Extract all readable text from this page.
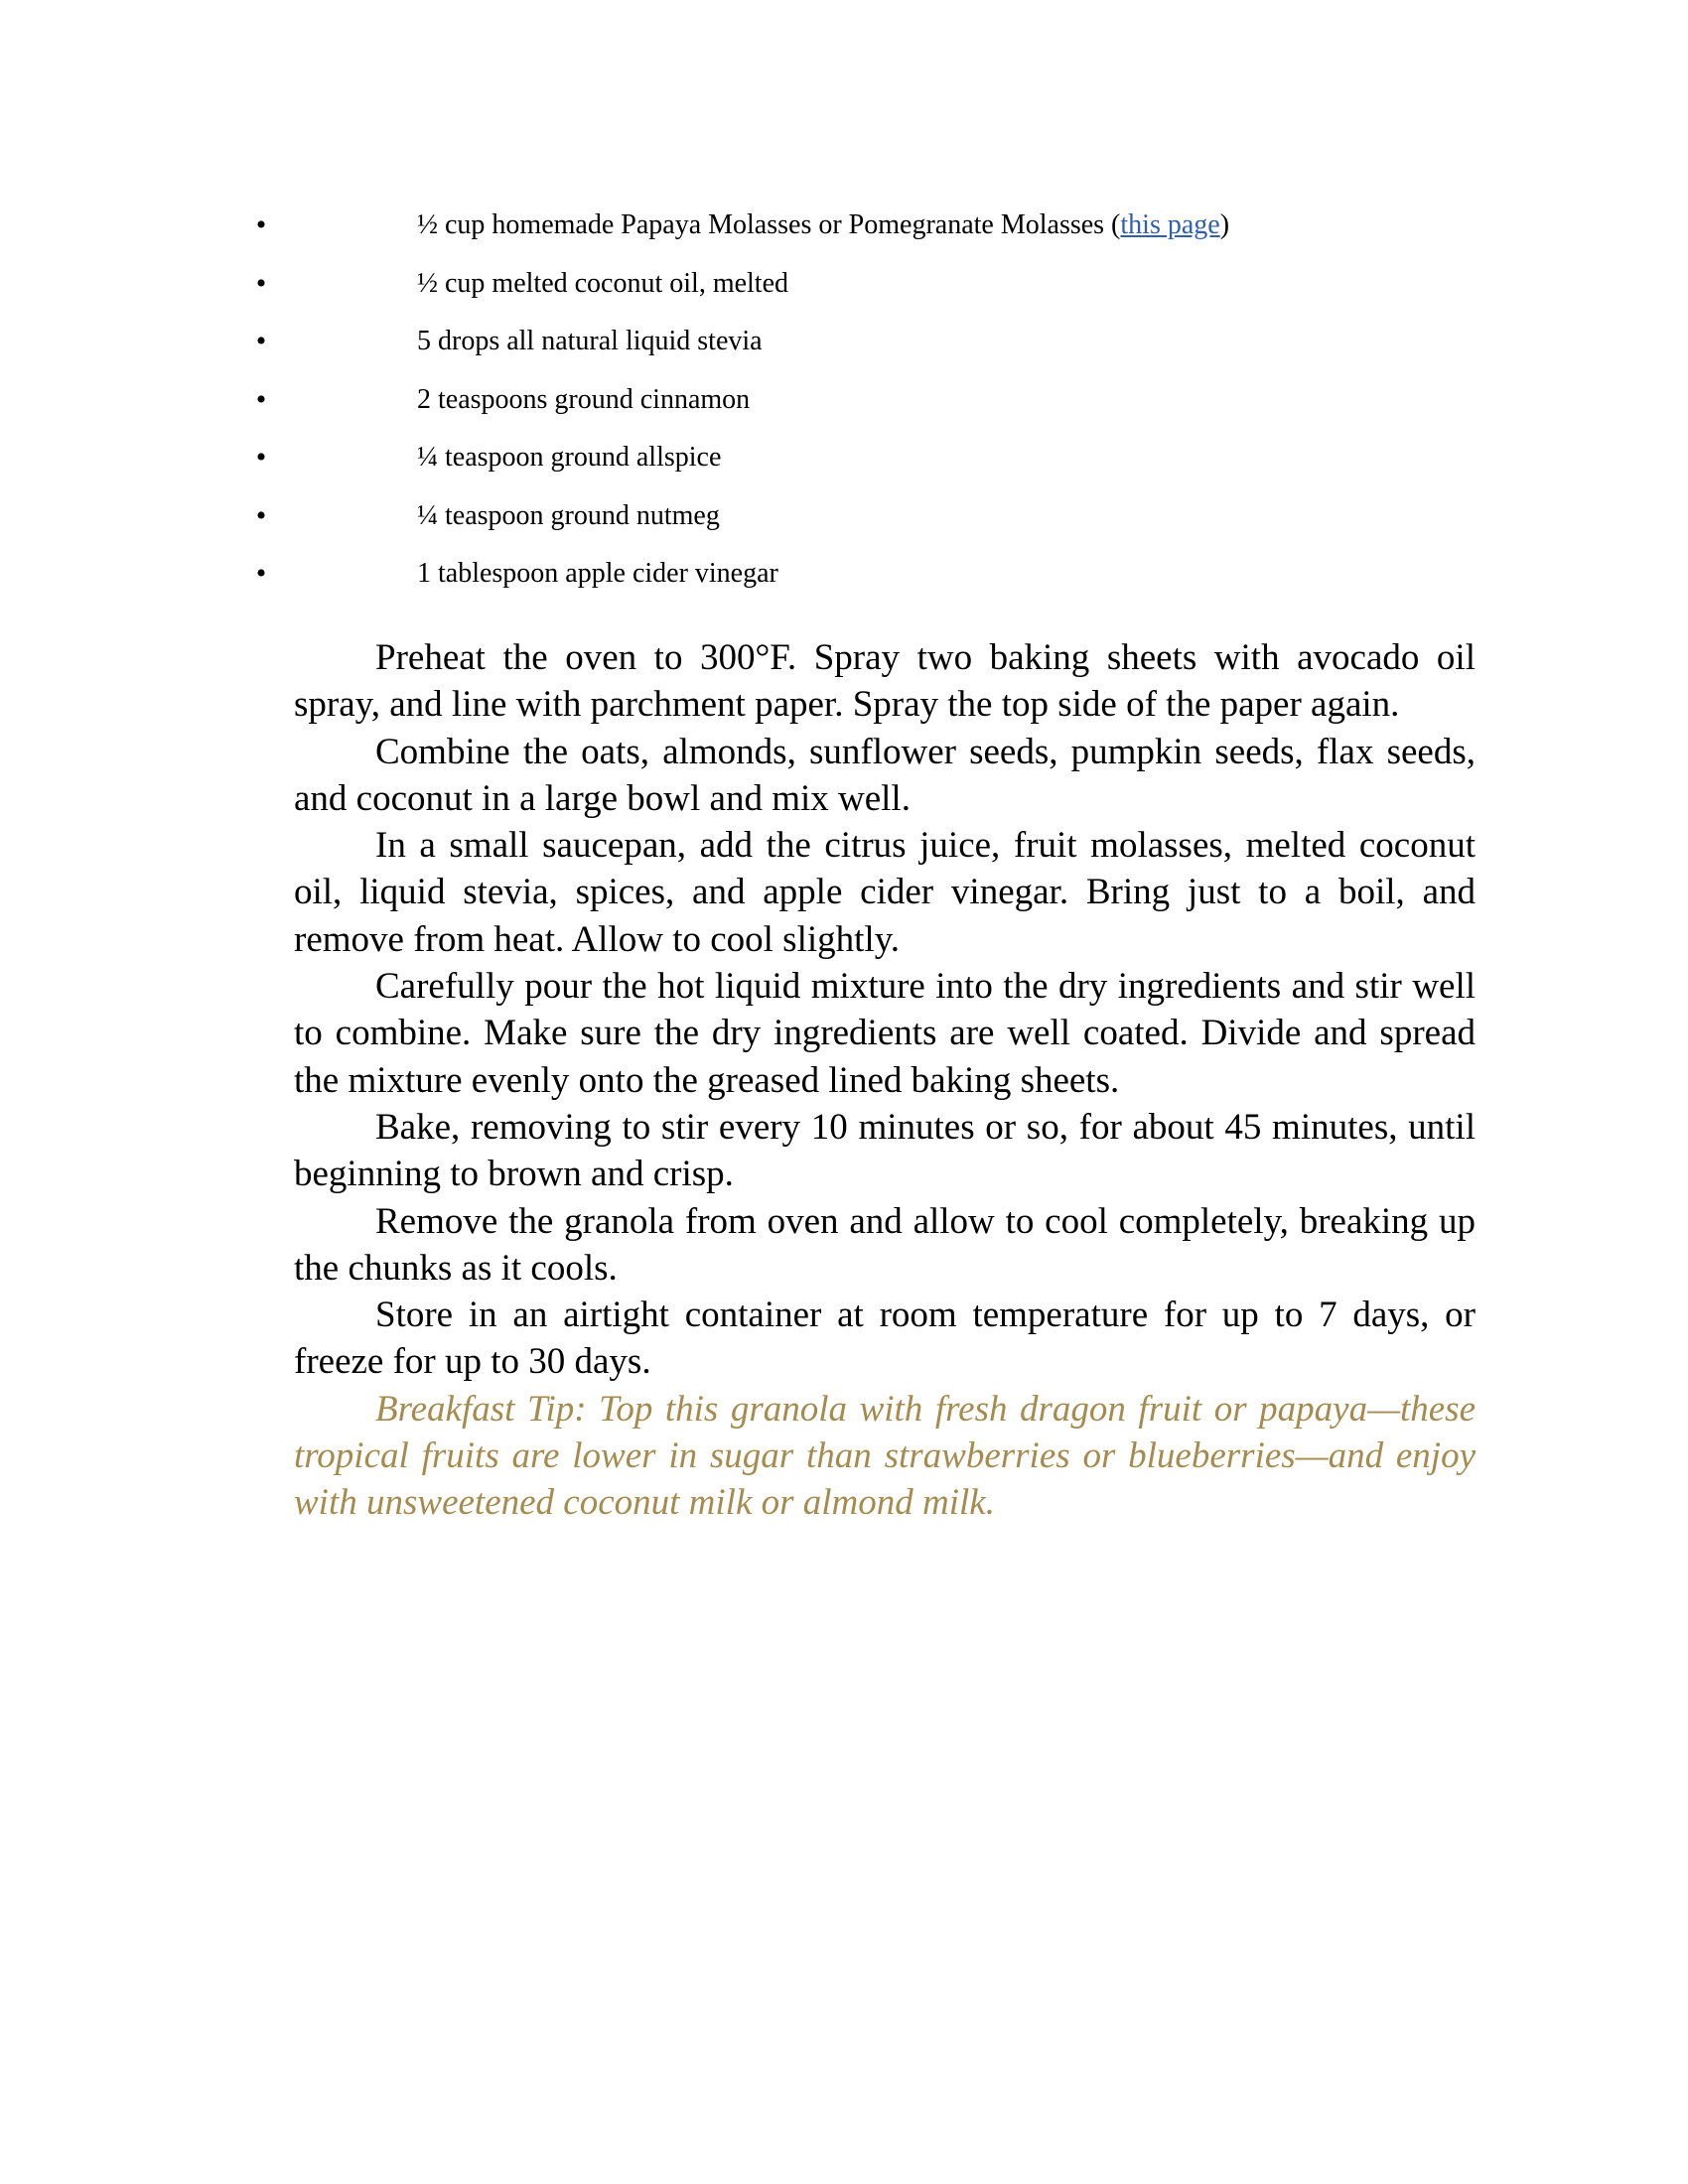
•	½ cup homemade Papaya Molasses or Pomegranate Molasses (this page)
•	½ cup melted coconut oil, melted
•	5 drops all natural liquid stevia
•	2 teaspoons ground cinnamon
•	¼ teaspoon ground allspice
•	¼ teaspoon ground nutmeg
•	1 tablespoon apple cider vinegar

Preheat the oven to 300°F. Spray two baking sheets with avocado oil spray, and line with parchment paper. Spray the top side of the paper again.

Combine the oats, almonds, sunflower seeds, pumpkin seeds, flax seeds, and coconut in a large bowl and mix well.

In a small saucepan, add the citrus juice, fruit molasses, melted coconut oil, liquid stevia, spices, and apple cider vinegar. Bring just to a boil, and remove from heat. Allow to cool slightly.

Carefully pour the hot liquid mixture into the dry ingredients and stir well to combine. Make sure the dry ingredients are well coated. Divide and spread the mixture evenly onto the greased lined baking sheets.

Bake, removing to stir every 10 minutes or so, for about 45 minutes, until beginning to brown and crisp.

Remove the granola from oven and allow to cool completely, breaking up the chunks as it cools.

Store in an airtight container at room temperature for up to 7 days, or freeze for up to 30 days.

Breakfast Tip: Top this granola with fresh dragon fruit or papaya—these tropical fruits are lower in sugar than strawberries or blueberries—and enjoy with unsweetened coconut milk or almond milk.
